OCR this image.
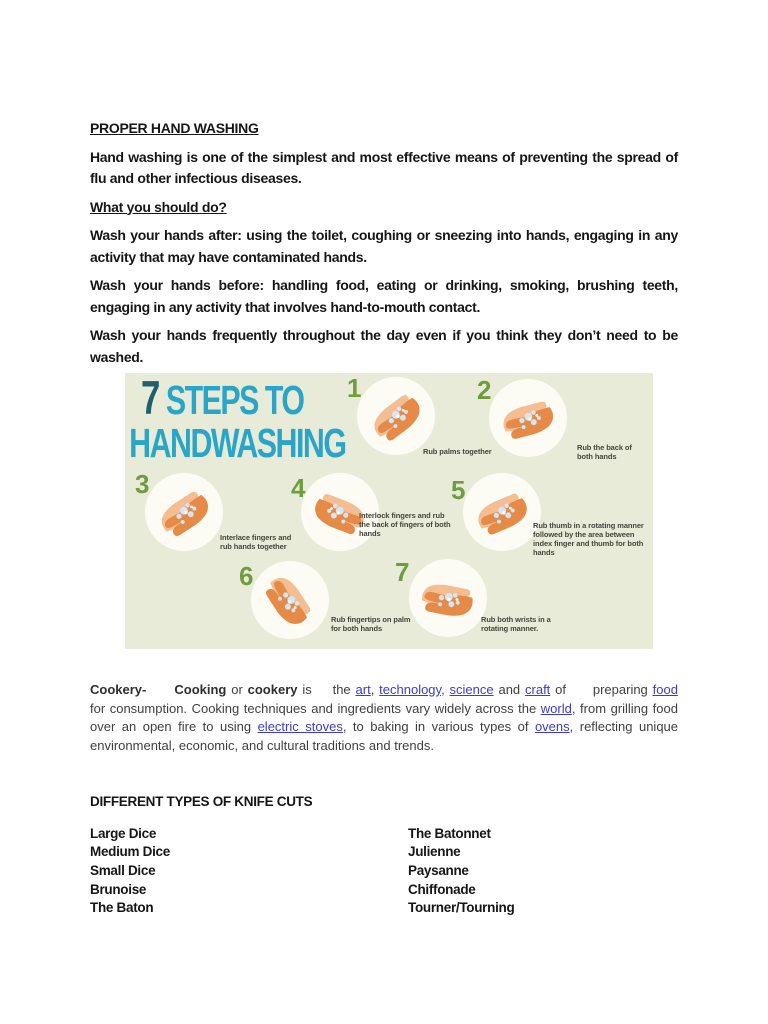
PROPER HAND WASHING

Hand washing is one of the simplest and most effective means of preventing the spread of flu and other infectious diseases.

What you should do?

Wash your hands after: using the toilet, coughing or sneezing into hands, engaging in any activity that may have contaminated hands.

Wash your hands before: handling food, eating or drinking, smoking, brushing teeth, engaging in any activity that involves hand-to-mouth contact.

Wash your hands frequently throughout the day even if you think they don’t need to be washed.

7 STEPS TO
HANDWASHING
1
Rub palms together
2
Rub the back of both hands
3
Interlace fingers and rub hands together
4
Interlock fingers and rub the back of fingers of both hands
5
Rub thumb in a rotating manner followed by the area between index finger and thumb for both hands
6
Rub fingertips on palm for both hands
7
Rub both wrists in a rotating manner.

Cookery- Cooking or cookery is the art, technology, science and craft of preparing food for consumption. Cooking techniques and ingredients vary widely across the world, from grilling food over an open fire to using electric stoves, to baking in various types of ovens, reflecting unique environmental, economic, and cultural traditions and trends.

DIFFERENT TYPES OF KNIFE CUTS
Large Dice
Medium Dice
Small Dice
Brunoise
The Baton
The Batonnet
Julienne
Paysanne
Chiffonade
Tourner/Tourning
